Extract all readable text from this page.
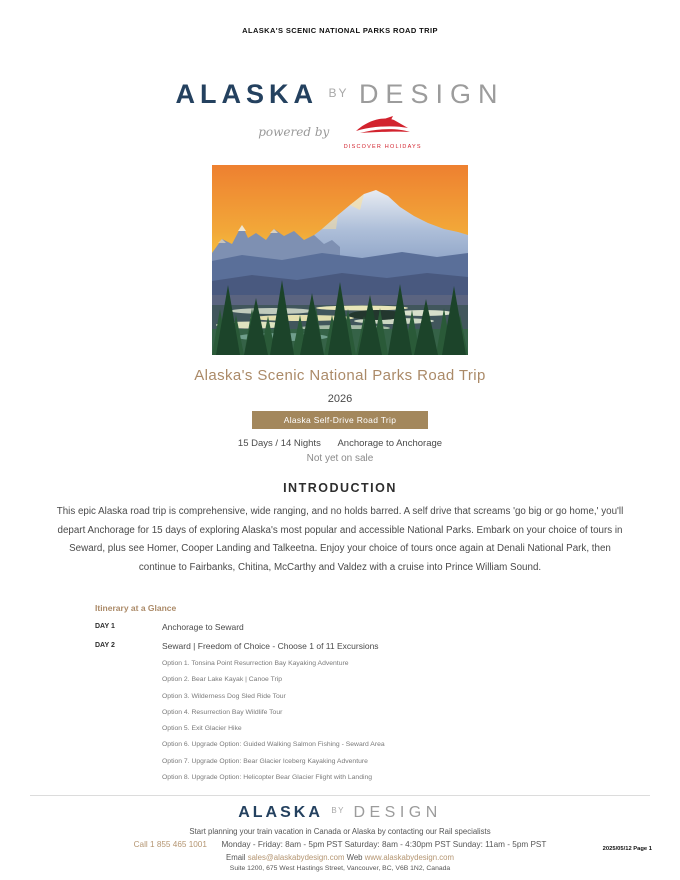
ALASKA'S SCENIC NATIONAL PARKS ROAD TRIP
ALASKA $^{BY}$ DESIGN
$^{powered by}$
DISCOVER HOLIDAYS
Alaska's Scenic National Parks Road Trip
2026
Alaska Self-Drive Road Trip
15 Days / 14 Nights Anchorage to Anchorage
Not yet on sale
INTRODUCTION
This epic Alaska road trip is comprehensive, wide ranging, and no holds barred. A self drive that screams 'go big or go home,' you'll depart Anchorage for 15 days of exploring Alaska's most popular and accessible National Parks. Embark on your choice of tours in Seward, plus see Homer, Cooper Landing and Talkeetna. Enjoy your choice of tours once again at Denali National Park, then continue to Fairbanks, Chitina, McCarthy and Valdez with a cruise into Prince William Sound.
Itinerary at a Glance
DAY 1	Anchorage to Seward
DAY 2	Seward | Freedom of Choice - Choose 1 of 11 Excursions
Option 1. Tonsina Point Resurrection Bay Kayaking Adventure
Option 2. Bear Lake Kayak | Canoe Trip
Option 3. Wilderness Dog Sled Ride Tour
Option 4. Resurrection Bay Wildlife Tour
Option 5. Exit Glacier Hike
Option 6. Upgrade Option: Guided Walking Salmon Fishing - Seward Area
Option 7. Upgrade Option: Bear Glacier Iceberg Kayaking Adventure
Option 8. Upgrade Option: Helicopter Bear Glacier Flight with Landing
ALASKA $^{BY}$ DESIGN
Start planning your train vacation in Canada or Alaska by contacting our Rail specialists
Call 1 855 465 1001 Monday - Friday: 8am - 5pm PST Saturday: 8am - 4:30pm PST Sunday: 11am - 5pm PST
Email sales@alaskabydesign.com Web www.alaskabydesign.com
Suite 1200, 675 West Hastings Street, Vancouver, BC, V6B 1N2, Canada
2025/05/12 Page 1
